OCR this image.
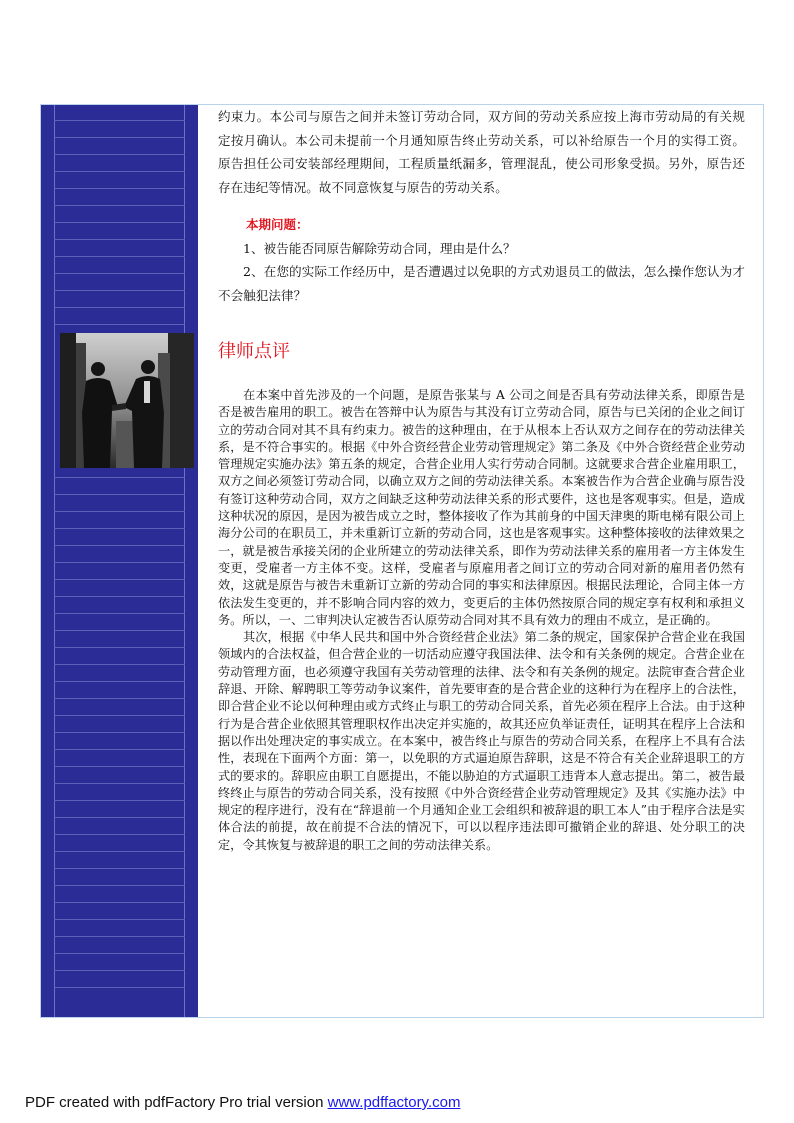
约束力。本公司与原告之间并未签订劳动合同，双方间的劳动关系应按上海市劳动局的有关规定按月确认。本公司未提前一个月通知原告终止劳动关系，可以补给原告一个月的实得工资。原告担任公司安装部经理期间，工程质量纸漏多，管理混乱，使公司形象受损。另外，原告还存在违纪等情况。故不同意恢复与原告的劳动关系。

本期问题：

1、被告能否同原告解除劳动合同，理由是什么？

2、在您的实际工作经历中，是否遭遇过以免职的方式劝退员工的做法，怎么操作您认为才不会触犯法律？

律师点评

在本案中首先涉及的一个问题，是原告张某与 A 公司之间是否具有劳动法律关系，即原告是否是被告雇用的职工。被告在答辩中认为原告与其没有订立劳动合同，原告与已关闭的企业之间订立的劳动合同对其不具有约束力。被告的这种理由，在于从根本上否认双方之间存在的劳动法律关系，是不符合事实的。根据《中外合资经营企业劳动管理规定》第二条及《中外合资经营企业劳动管理规定实施办法》第五条的规定，合营企业用人实行劳动合同制。这就要求合营企业雇用职工，双方之间必须签订劳动合同，以确立双方之间的劳动法律关系。本案被告作为合营企业确与原告没有签订这种劳动合同，双方之间缺乏这种劳动法律关系的形式要件，这也是客观事实。但是，造成这种状况的原因，是因为被告成立之时，整体接收了作为其前身的中国天津奥的斯电梯有限公司上海分公司的在职员工，并未重新订立新的劳动合同，这也是客观事实。这种整体接收的法律效果之一，就是被告承接关闭的企业所建立的劳动法律关系，即作为劳动法律关系的雇用者一方主体发生变更，受雇者一方主体不变。这样，受雇者与原雇用者之间订立的劳动合同对新的雇用者仍然有效，这就是原告与被告未重新订立新的劳动合同的事实和法律原因。根据民法理论，合同主体一方依法发生变更的，并不影响合同内容的效力，变更后的主体仍然按原合同的规定享有权利和承担义务。所以，一、二审判决认定被告否认原劳动合同对其不具有效力的理由不成立，是正确的。

其次，根据《中华人民共和国中外合资经营企业法》第二条的规定，国家保护合营企业在我国领域内的合法权益，但合营企业的一切活动应遵守我国法律、法令和有关条例的规定。合营企业在劳动管理方面，也必须遵守我国有关劳动管理的法律、法令和有关条例的规定。法院审查合营企业辞退、开除、解聘职工等劳动争议案件，首先要审查的是合营企业的这种行为在程序上的合法性，即合营企业不论以何种理由或方式终止与职工的劳动合同关系，首先必须在程序上合法。由于这种行为是合营企业依照其管理职权作出决定并实施的，故其还应负举证责任，证明其在程序上合法和据以作出处理决定的事实成立。在本案中，被告终止与原告的劳动合同关系，在程序上不具有合法性，表现在下面两个方面：第一，以免职的方式逼迫原告辞职，这是不符合有关企业辞退职工的方式的要求的。辞职应由职工自愿提出，不能以胁迫的方式逼职工违背本人意志提出。第二，被告最终终止与原告的劳动合同关系，没有按照《中外合资经营企业劳动管理规定》及其《实施办法》中规定的程序进行，没有在“辞退前一个月通知企业工会组织和被辞退的职工本人”由于程序合法是实体合法的前提，故在前提不合法的情况下，可以以程序违法即可撤销企业的辞退、处分职工的决定，令其恢复与被辞退的职工之间的劳动法律关系。

PDF created with pdfFactory Pro trial version www.pdffactory.com
